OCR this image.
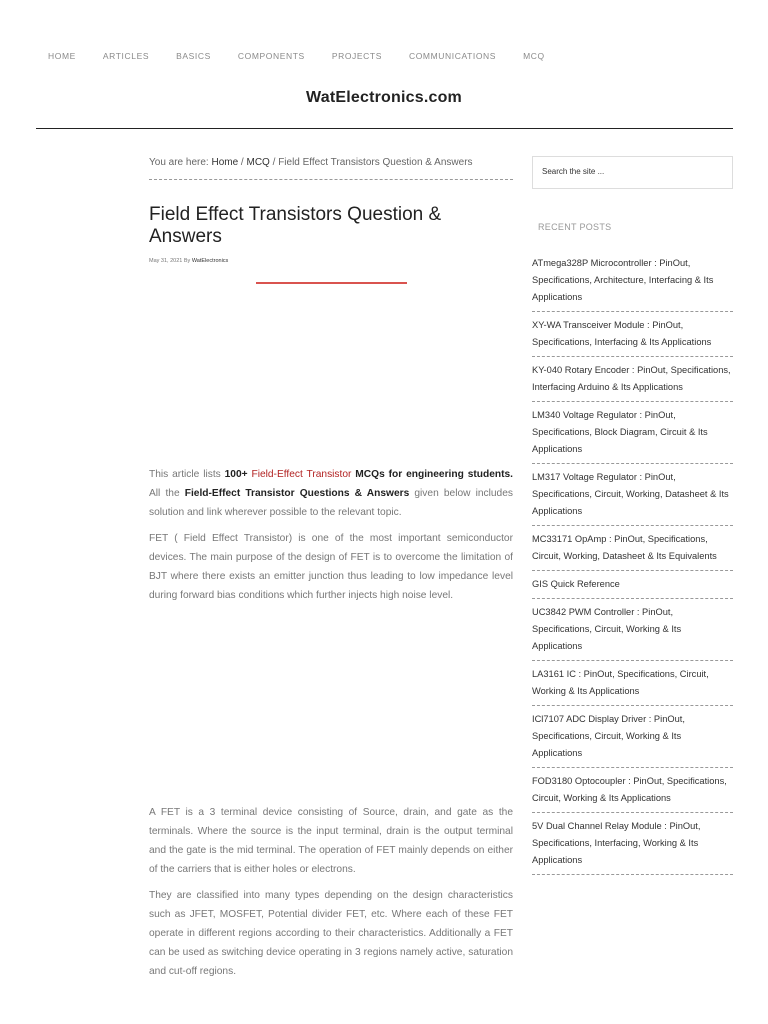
HOME	ARTICLES	BASICS	COMPONENTS	PROJECTS	COMMUNICATIONS	MCQ
WatElectronics.com
You are here: Home / MCQ / Field Effect Transistors Question & Answers
Field Effect Transistors Question & Answers
May 31, 2021 By WatElectronics

This article lists 100+ Field-Effect Transistor MCQs for engineering students. All the Field-Effect Transistor Questions & Answers given below includes solution and link wherever possible to the relevant topic.

FET ( Field Effect Transistor) is one of the most important semiconductor devices. The main purpose of the design of FET is to overcome the limitation of BJT where there exists an emitter junction thus leading to low impedance level during forward bias conditions which further injects high noise level.

A FET is a 3 terminal device consisting of Source, drain, and gate as the terminals. Where the source is the input terminal, drain is the output terminal and the gate is the mid terminal. The operation of FET mainly depends on either of the carriers that is either holes or electrons.

They are classified into many types depending on the design characteristics such as JFET, MOSFET, Potential divider FET, etc. Where each of these FET operate in different regions according to their characteristics. Additionally a FET can be used as switching device operating in 3 regions namely active, saturation and cut-off regions.

Search the site ...
RECENT POSTS
ATmega328P Microcontroller : PinOut, Specifications, Architecture, Interfacing & Its Applications
XY-WA Transceiver Module : PinOut, Specifications, Interfacing & Its Applications
KY-040 Rotary Encoder : PinOut, Specifications, Interfacing Arduino & Its Applications
LM340 Voltage Regulator : PinOut, Specifications, Block Diagram, Circuit & Its Applications
LM317 Voltage Regulator : PinOut, Specifications, Circuit, Working, Datasheet & Its Applications
MC33171 OpAmp : PinOut, Specifications, Circuit, Working, Datasheet & Its Equivalents
GIS Quick Reference
UC3842 PWM Controller : PinOut, Specifications, Circuit, Working & Its Applications
LA3161 IC : PinOut, Specifications, Circuit, Working & Its Applications
ICl7107 ADC Display Driver : PinOut, Specifications, Circuit, Working & Its Applications
FOD3180 Optocoupler : PinOut, Specifications, Circuit, Working & Its Applications
5V Dual Channel Relay Module : PinOut, Specifications, Interfacing, Working & Its Applications
